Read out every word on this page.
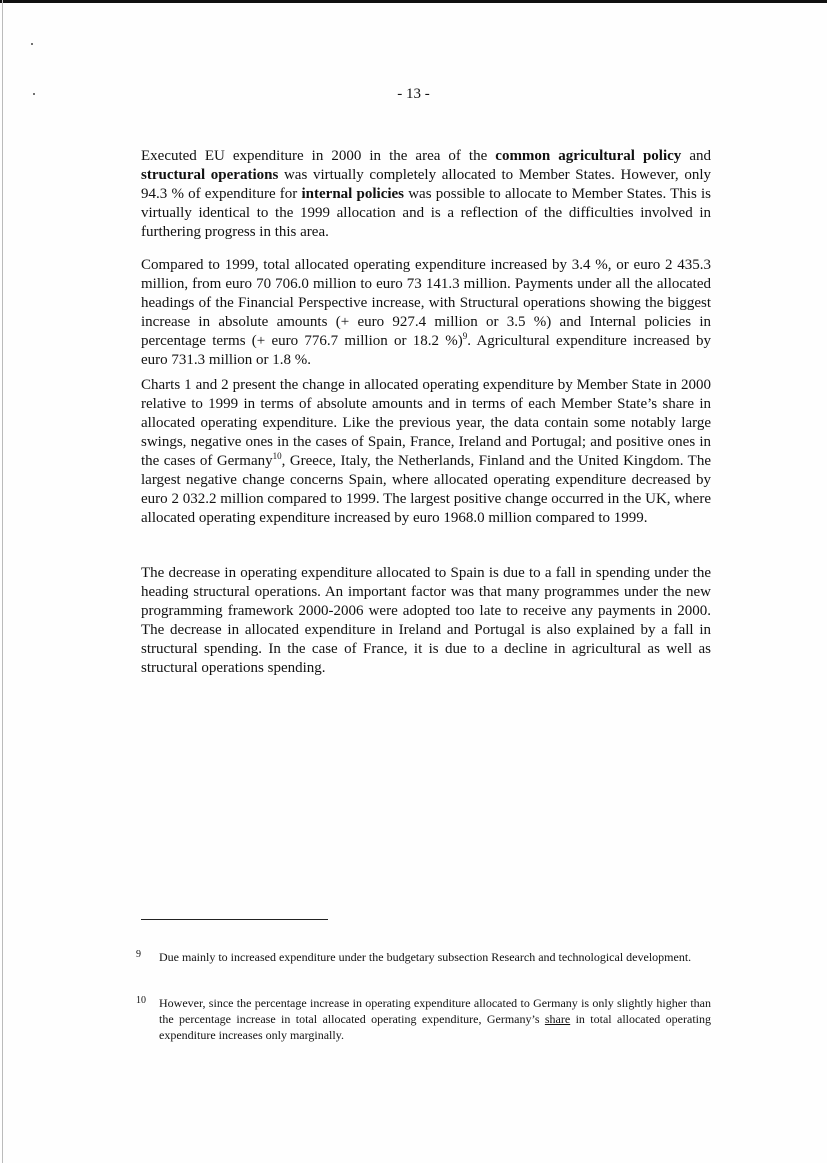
- 13 -

Executed EU expenditure in 2000 in the area of the common agricultural policy and structural operations was virtually completely allocated to Member States. However, only 94.3 % of expenditure for internal policies was possible to allocate to Member States. This is virtually identical to the 1999 allocation and is a reflection of the difficulties involved in furthering progress in this area.

Compared to 1999, total allocated operating expenditure increased by 3.4 %, or euro 2 435.3 million, from euro 70 706.0 million to euro 73 141.3 million. Payments under all the allocated headings of the Financial Perspective increase, with Structural operations showing the biggest increase in absolute amounts (+ euro 927.4 million or 3.5 %) and Internal policies in percentage terms (+ euro 776.7 million or 18.2 %)$^9$. Agricultural expenditure increased by euro 731.3 million or 1.8 %.

Charts 1 and 2 present the change in allocated operating expenditure by Member State in 2000 relative to 1999 in terms of absolute amounts and in terms of each Member State’s share in allocated operating expenditure. Like the previous year, the data contain some notably large swings, negative ones in the cases of Spain, France, Ireland and Portugal; and positive ones in the cases of Germany$^{10}$, Greece, Italy, the Netherlands, Finland and the United Kingdom. The largest negative change concerns Spain, where allocated operating expenditure decreased by euro 2 032.2 million compared to 1999. The largest positive change occurred in the UK, where allocated operating expenditure increased by euro 1968.0 million compared to 1999.

The decrease in operating expenditure allocated to Spain is due to a fall in spending under the heading structural operations. An important factor was that many programmes under the new programming framework 2000-2006 were adopted too late to receive any payments in 2000. The decrease in allocated expenditure in Ireland and Portugal is also explained by a fall in structural spending. In the case of France, it is due to a decline in agricultural as well as structural operations spending.

9 Due mainly to increased expenditure under the budgetary subsection Research and technological development.
10 However, since the percentage increase in operating expenditure allocated to Germany is only slightly higher than the percentage increase in total allocated operating expenditure, Germany’s share in total allocated operating expenditure increases only marginally.
